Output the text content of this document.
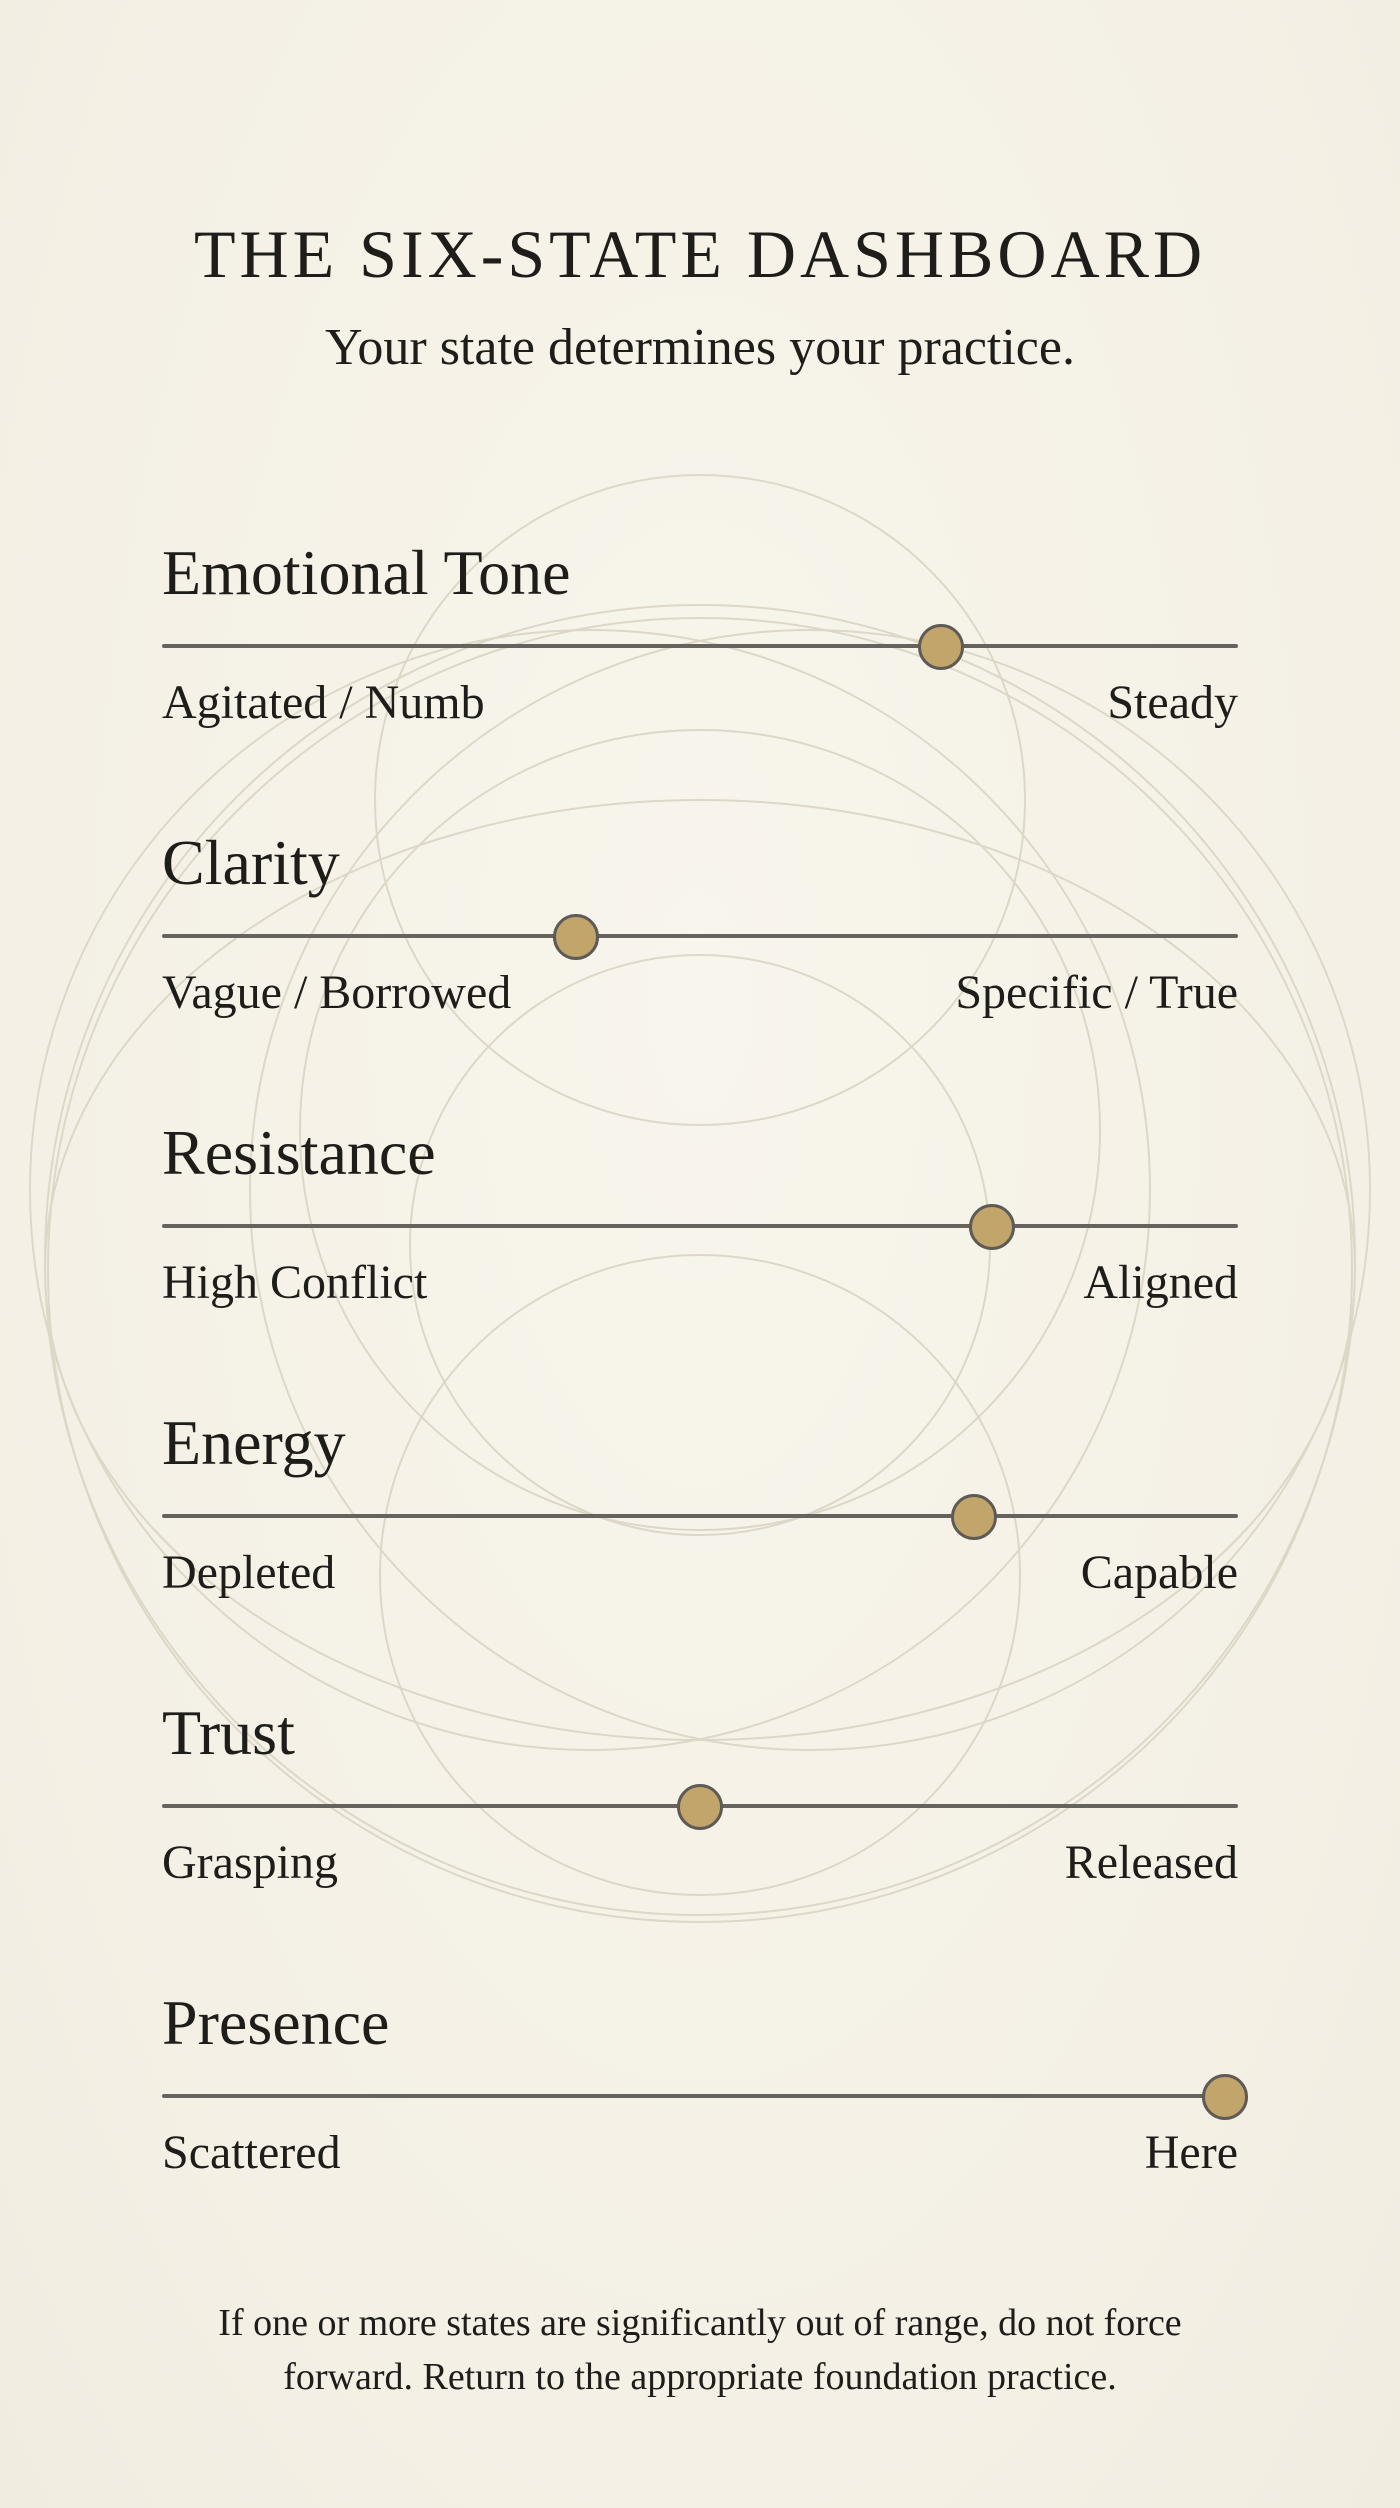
THE SIX-STATE DASHBOARD

Your state determines your practice.

Emotional Tone
Agitated / Numb	Steady
Clarity
Vague / Borrowed	Specific / True
Resistance
High Conflict	Aligned
Energy
Depleted	Capable
Trust
Grasping	Released
Presence
Scattered	Here

If one or more states are significantly out of range, do not force forward. Return to the appropriate foundation practice.
